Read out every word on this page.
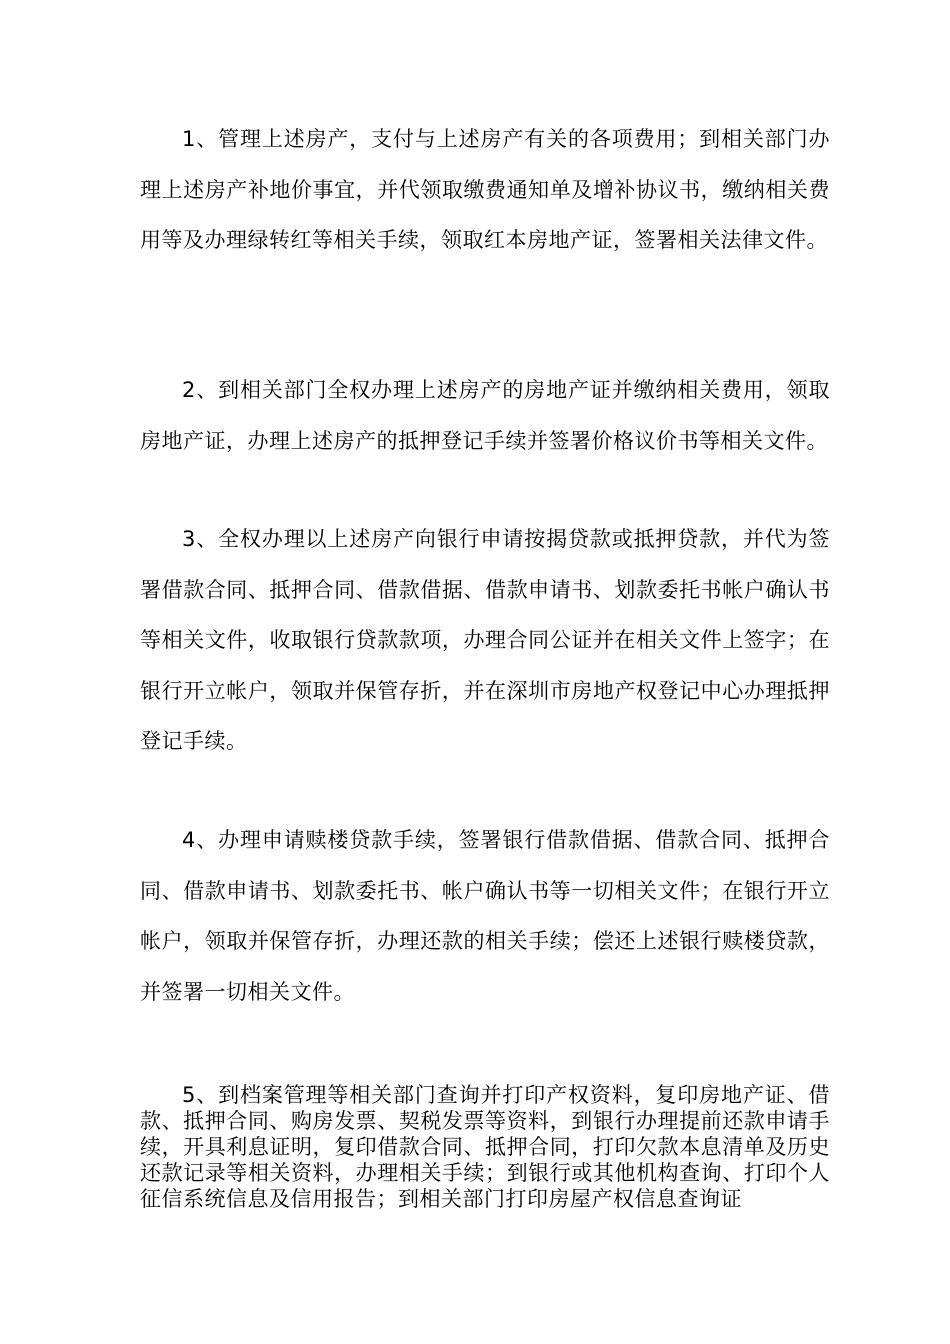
1、管理上述房产，支付与上述房产有关的各项费用；到相关部门办理上述房产补地价事宜，并代领取缴费通知单及增补协议书，缴纳相关费用等及办理绿转红等相关手续，领取红本房地产证，签署相关法律文件。

2、到相关部门全权办理上述房产的房地产证并缴纳相关费用，领取房地产证，办理上述房产的抵押登记手续并签署价格议价书等相关文件。

3、全权办理以上述房产向银行申请按揭贷款或抵押贷款，并代为签署借款合同、抵押合同、借款借据、借款申请书、划款委托书帐户确认书等相关文件，收取银行贷款款项，办理合同公证并在相关文件上签字；在银行开立帐户，领取并保管存折，并在深圳市房地产权登记中心办理抵押登记手续。

4、办理申请赎楼贷款手续，签署银行借款借据、借款合同、抵押合同、借款申请书、划款委托书、帐户确认书等一切相关文件；在银行开立帐户，领取并保管存折，办理还款的相关手续；偿还上述银行赎楼贷款，并签署一切相关文件。

5、到档案管理等相关部门查询并打印产权资料，复印房地产证、借款、抵押合同、购房发票、契税发票等资料，到银行办理提前还款申请手续，开具利息证明，复印借款合同、抵押合同，打印欠款本息清单及历史还款记录等相关资料，办理相关手续；到银行或其他机构查询、打印个人征信系统信息及信用报告；到相关部门打印房屋产权信息查询证
